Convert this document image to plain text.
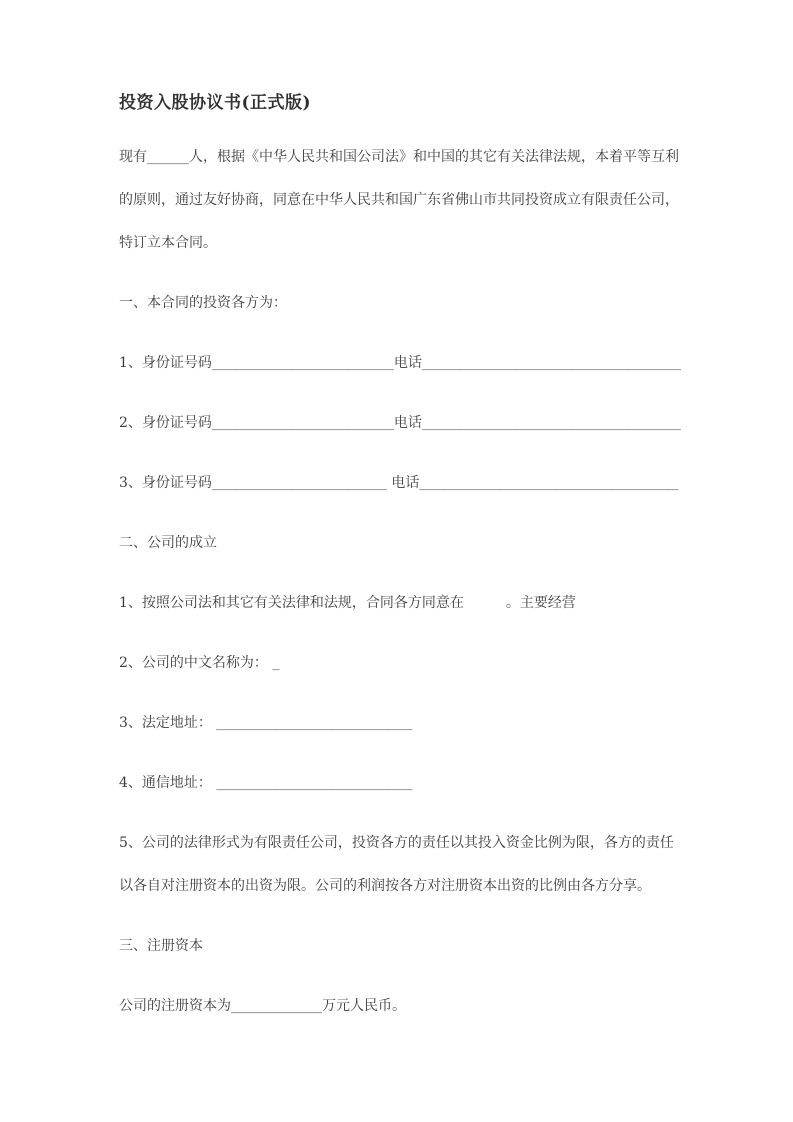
投资入股协议书(正式版)
现有______人，根据《中华人民共和国公司法》和中国的其它有关法律法规，本着平等互利
的原则，通过友好协商，同意在中华人民共和国广东省佛山市共同投资成立有限责任公司，
特订立本合同。
一、本合同的投资各方为：
1、身份证号码__________________________电话_____________________________________
2、身份证号码__________________________电话_____________________________________
3、身份证号码_________________________ 电话_____________________________________
二、公司的成立
1、按照公司法和其它有关法律和法规，合同各方同意在　　　。主要经营
2、公司的中文名称为： _
3、法定地址： ____________________________
4、通信地址： ____________________________
5、公司的法律形式为有限责任公司，投资各方的责任以其投入资金比例为限，各方的责任
以各自对注册资本的出资为限。公司的利润按各方对注册资本出资的比例由各方分享。
三、注册资本
公司的注册资本为_____________万元人民币。
